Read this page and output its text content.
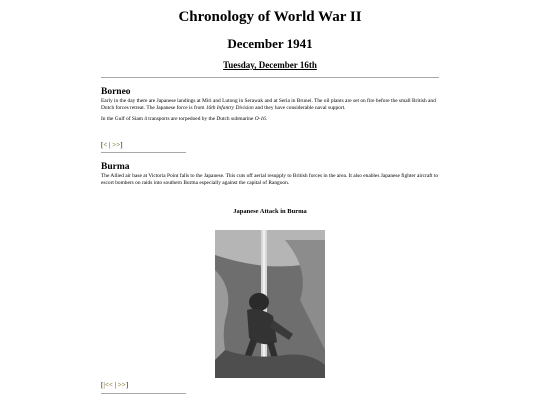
Chronology of World War II
December 1941
Tuesday, December 16th
Borneo

Early in the day there are Japanese landings at Miri and Lutong in Serawak and at Seria in Brunei. The oil plants are set on fire before the small British and Dutch forces retreat. The Japanese force is from 16th Infantry Division and they have considerable naval support.

In the Gulf of Siam 4 transports are torpedoed by the Dutch submarine O-16.

[< | >>]
Burma

The Allied air base at Victoria Point falls to the Japanese. This cuts off aerial resupply to British forces in the area. It also enables Japanese fighter aircraft to escort bombers on raids into southern Burma especially against the capital of Rangoon.

Japanese Attack in Burma
[|<< | >>]
